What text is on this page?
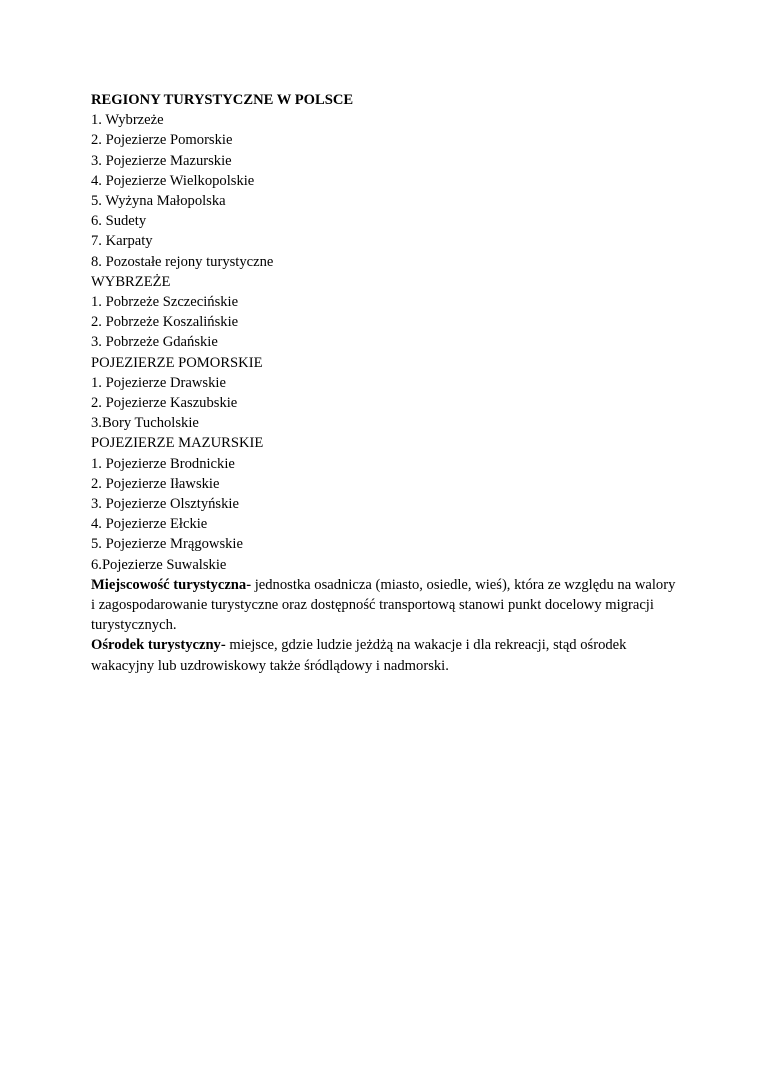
REGIONY TURYSTYCZNE W POLSCE
1. Wybrzeże
2. Pojezierze Pomorskie
3. Pojezierze Mazurskie
4. Pojezierze Wielkopolskie
5. Wyżyna Małopolska
6. Sudety
7. Karpaty
8. Pozostałe rejony turystyczne
WYBRZEŻE
1. Pobrzeże Szczecińskie
2. Pobrzeże Koszalińskie
3. Pobrzeże Gdańskie
POJEZIERZE POMORSKIE
1. Pojezierze Drawskie
2. Pojezierze Kaszubskie
3.Bory Tucholskie
POJEZIERZE MAZURSKIE
1. Pojezierze Brodnickie
2. Pojezierze Iławskie
3. Pojezierze Olsztyńskie
4. Pojezierze Ełckie
5. Pojezierze Mrągowskie
6.Pojezierze Suwalskie
Miejscowość turystyczna- jednostka osadnicza (miasto, osiedle, wieś), która ze względu na walory i zagospodarowanie turystyczne oraz dostępność transportową stanowi punkt docelowy migracji turystycznych.
Ośrodek turystyczny- miejsce, gdzie ludzie jeżdżą na wakacje i dla rekreacji, stąd ośrodek wakacyjny lub uzdrowiskowy także śródlądowy i nadmorski.
